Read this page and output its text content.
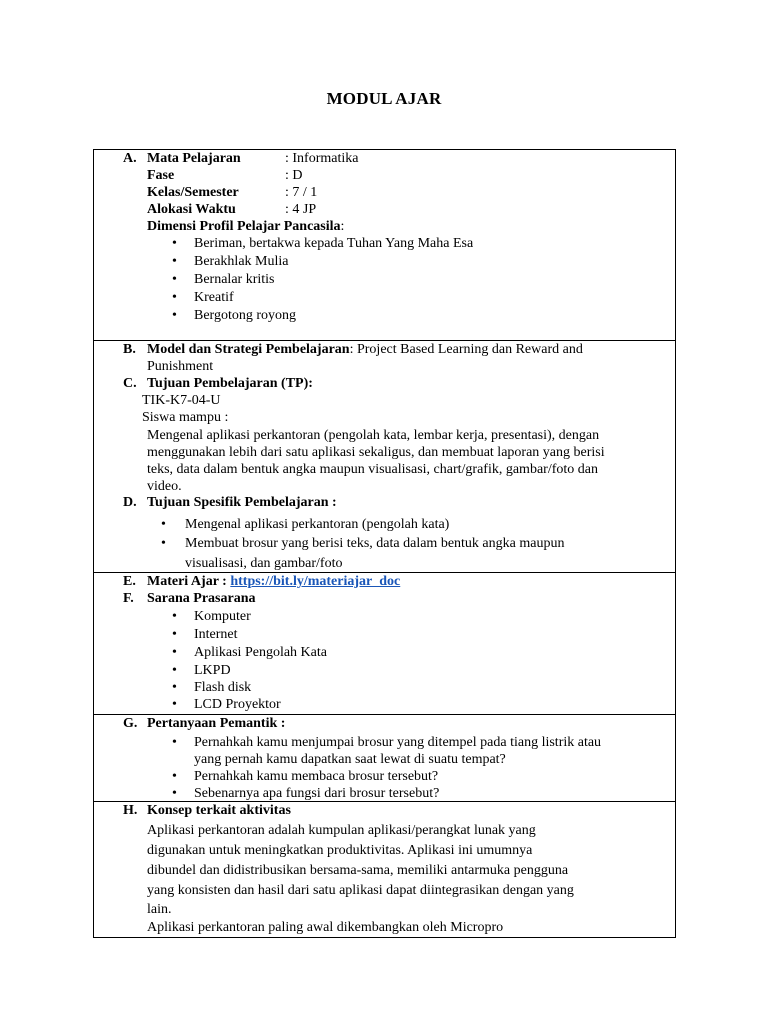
MODUL AJAR
A. Mata Pelajaran	: Informatika
Fase	: D
Kelas/Semester	: 7 / 1
Alokasi Waktu	: 4 JP
Dimensi Profil Pelajar Pancasila:
• Beriman, bertakwa kepada Tuhan Yang Maha Esa
• Berakhlak Mulia
• Bernalar kritis
• Kreatif
• Bergotong royong

B. Model dan Strategi Pembelajaran: Project Based Learning dan Reward and
Punishment
C. Tujuan Pembelajaran (TP):
TIK-K7-04-U
Siswa mampu :
Mengenal aplikasi perkantoran (pengolah kata, lembar kerja, presentasi), dengan
menggunakan lebih dari satu aplikasi sekaligus, dan membuat laporan yang berisi
teks, data dalam bentuk angka maupun visualisasi, chart/grafik, gambar/foto dan
video.
D. Tujuan Spesifik Pembelajaran :
• Mengenal aplikasi perkantoran (pengolah kata)
• Membuat brosur yang berisi teks, data dalam bentuk angka maupun
visualisasi, dan gambar/foto

E. Materi Ajar : https://bit.ly/materiajar_doc
F. Sarana Prasarana
• Komputer
• Internet
• Aplikasi Pengolah Kata
• LKPD
• Flash disk
• LCD Proyektor

G. Pertanyaan Pemantik :
• Pernahkah kamu menjumpai brosur yang ditempel pada tiang listrik atau
yang pernah kamu dapatkan saat lewat di suatu tempat?
• Pernahkah kamu membaca brosur tersebut?
• Sebenarnya apa fungsi dari brosur tersebut?

H. Konsep terkait aktivitas
Aplikasi perkantoran adalah kumpulan aplikasi/perangkat lunak yang
digunakan untuk meningkatkan produktivitas. Aplikasi ini umumnya
dibundel dan didistribusikan bersama-sama, memiliki antarmuka pengguna
yang konsisten dan hasil dari satu aplikasi dapat diintegrasikan dengan yang
lain.
Aplikasi perkantoran paling awal dikembangkan oleh Micropro
